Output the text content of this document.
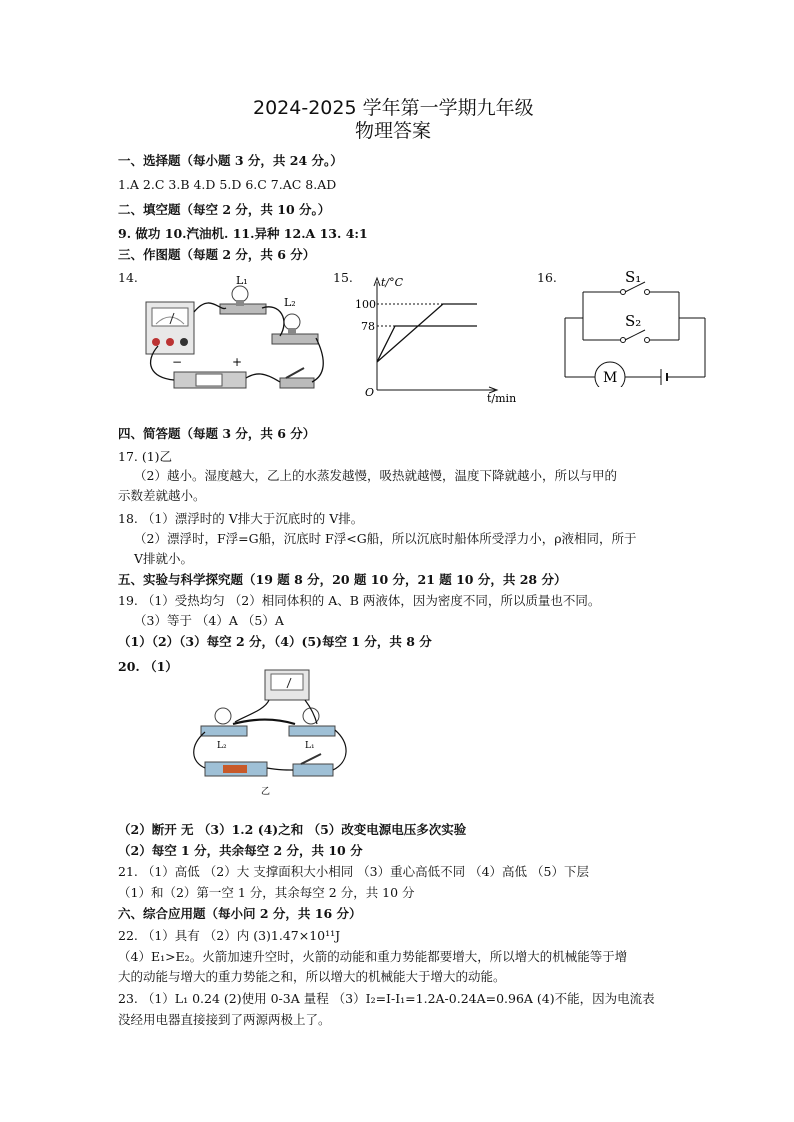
2024-2025 学年第一学期九年级
物理答案
一、选择题（每小题 3 分，共 24 分。）
1.A 2.C 3.B 4.D 5.D 6.C 7.AC 8.AD
二、填空题（每空 2 分，共 10 分。）
9. 做功 10.汽油机. 11.异种 12.A 13. 4:1
三、作图题（每题 2 分，共 6 分）
14.	15.	16.
L₁
L₂
−	+
t/°C
100
78
O	t/min
S₁
S₂
M
四、简答题（每题 3 分，共 6 分）
17. (1)乙
（2）越小。湿度越大，乙上的水蒸发越慢，吸热就越慢，温度下降就越小，所以与甲的
示数差就越小。
18. （1）漂浮时的 V排大于沉底时的 V排。
（2）漂浮时，F浮=G船，沉底时 F浮<G船，所以沉底时船体所受浮力小，ρ液相同，所于
V排就小。
五、实验与科学探究题（19 题 8 分，20 题 10 分，21 题 10 分，共 28 分）
19. （1）受热均匀 （2）相同体积的 A、B 两液体，因为密度不同，所以质量也不同。
（3）等于 （4）A （5）A
（1）（2）（3）每空 2 分，（4）(5)每空 1 分，共 8 分
20. （1）
L₂	L₁
乙
（2）断开 无 （3）1.2 (4)之和 （5）改变电源电压多次实验
（2）每空 1 分，共余每空 2 分，共 10 分
21. （1）高低 （2）大 支撑面积大小相同 （3）重心高低不同 （4）高低 （5）下层
（1）和（2）第一空 1 分，其余每空 2 分，共 10 分
六、综合应用题（每小问 2 分，共 16 分）
22. （1）具有 （2）内 (3)1.47×10¹¹J
（4）E₁>E₂。火箭加速升空时，火箭的动能和重力势能都要增大，所以增大的机械能等于增
大的动能与增大的重力势能之和，所以增大的机械能大于增大的动能。
23. （1）L₁ 0.24 (2)使用 0-3A 量程 （3）I₂=I-I₁=1.2A-0.24A=0.96A (4)不能，因为电流表
没经用电器直接接到了两源两极上了。
